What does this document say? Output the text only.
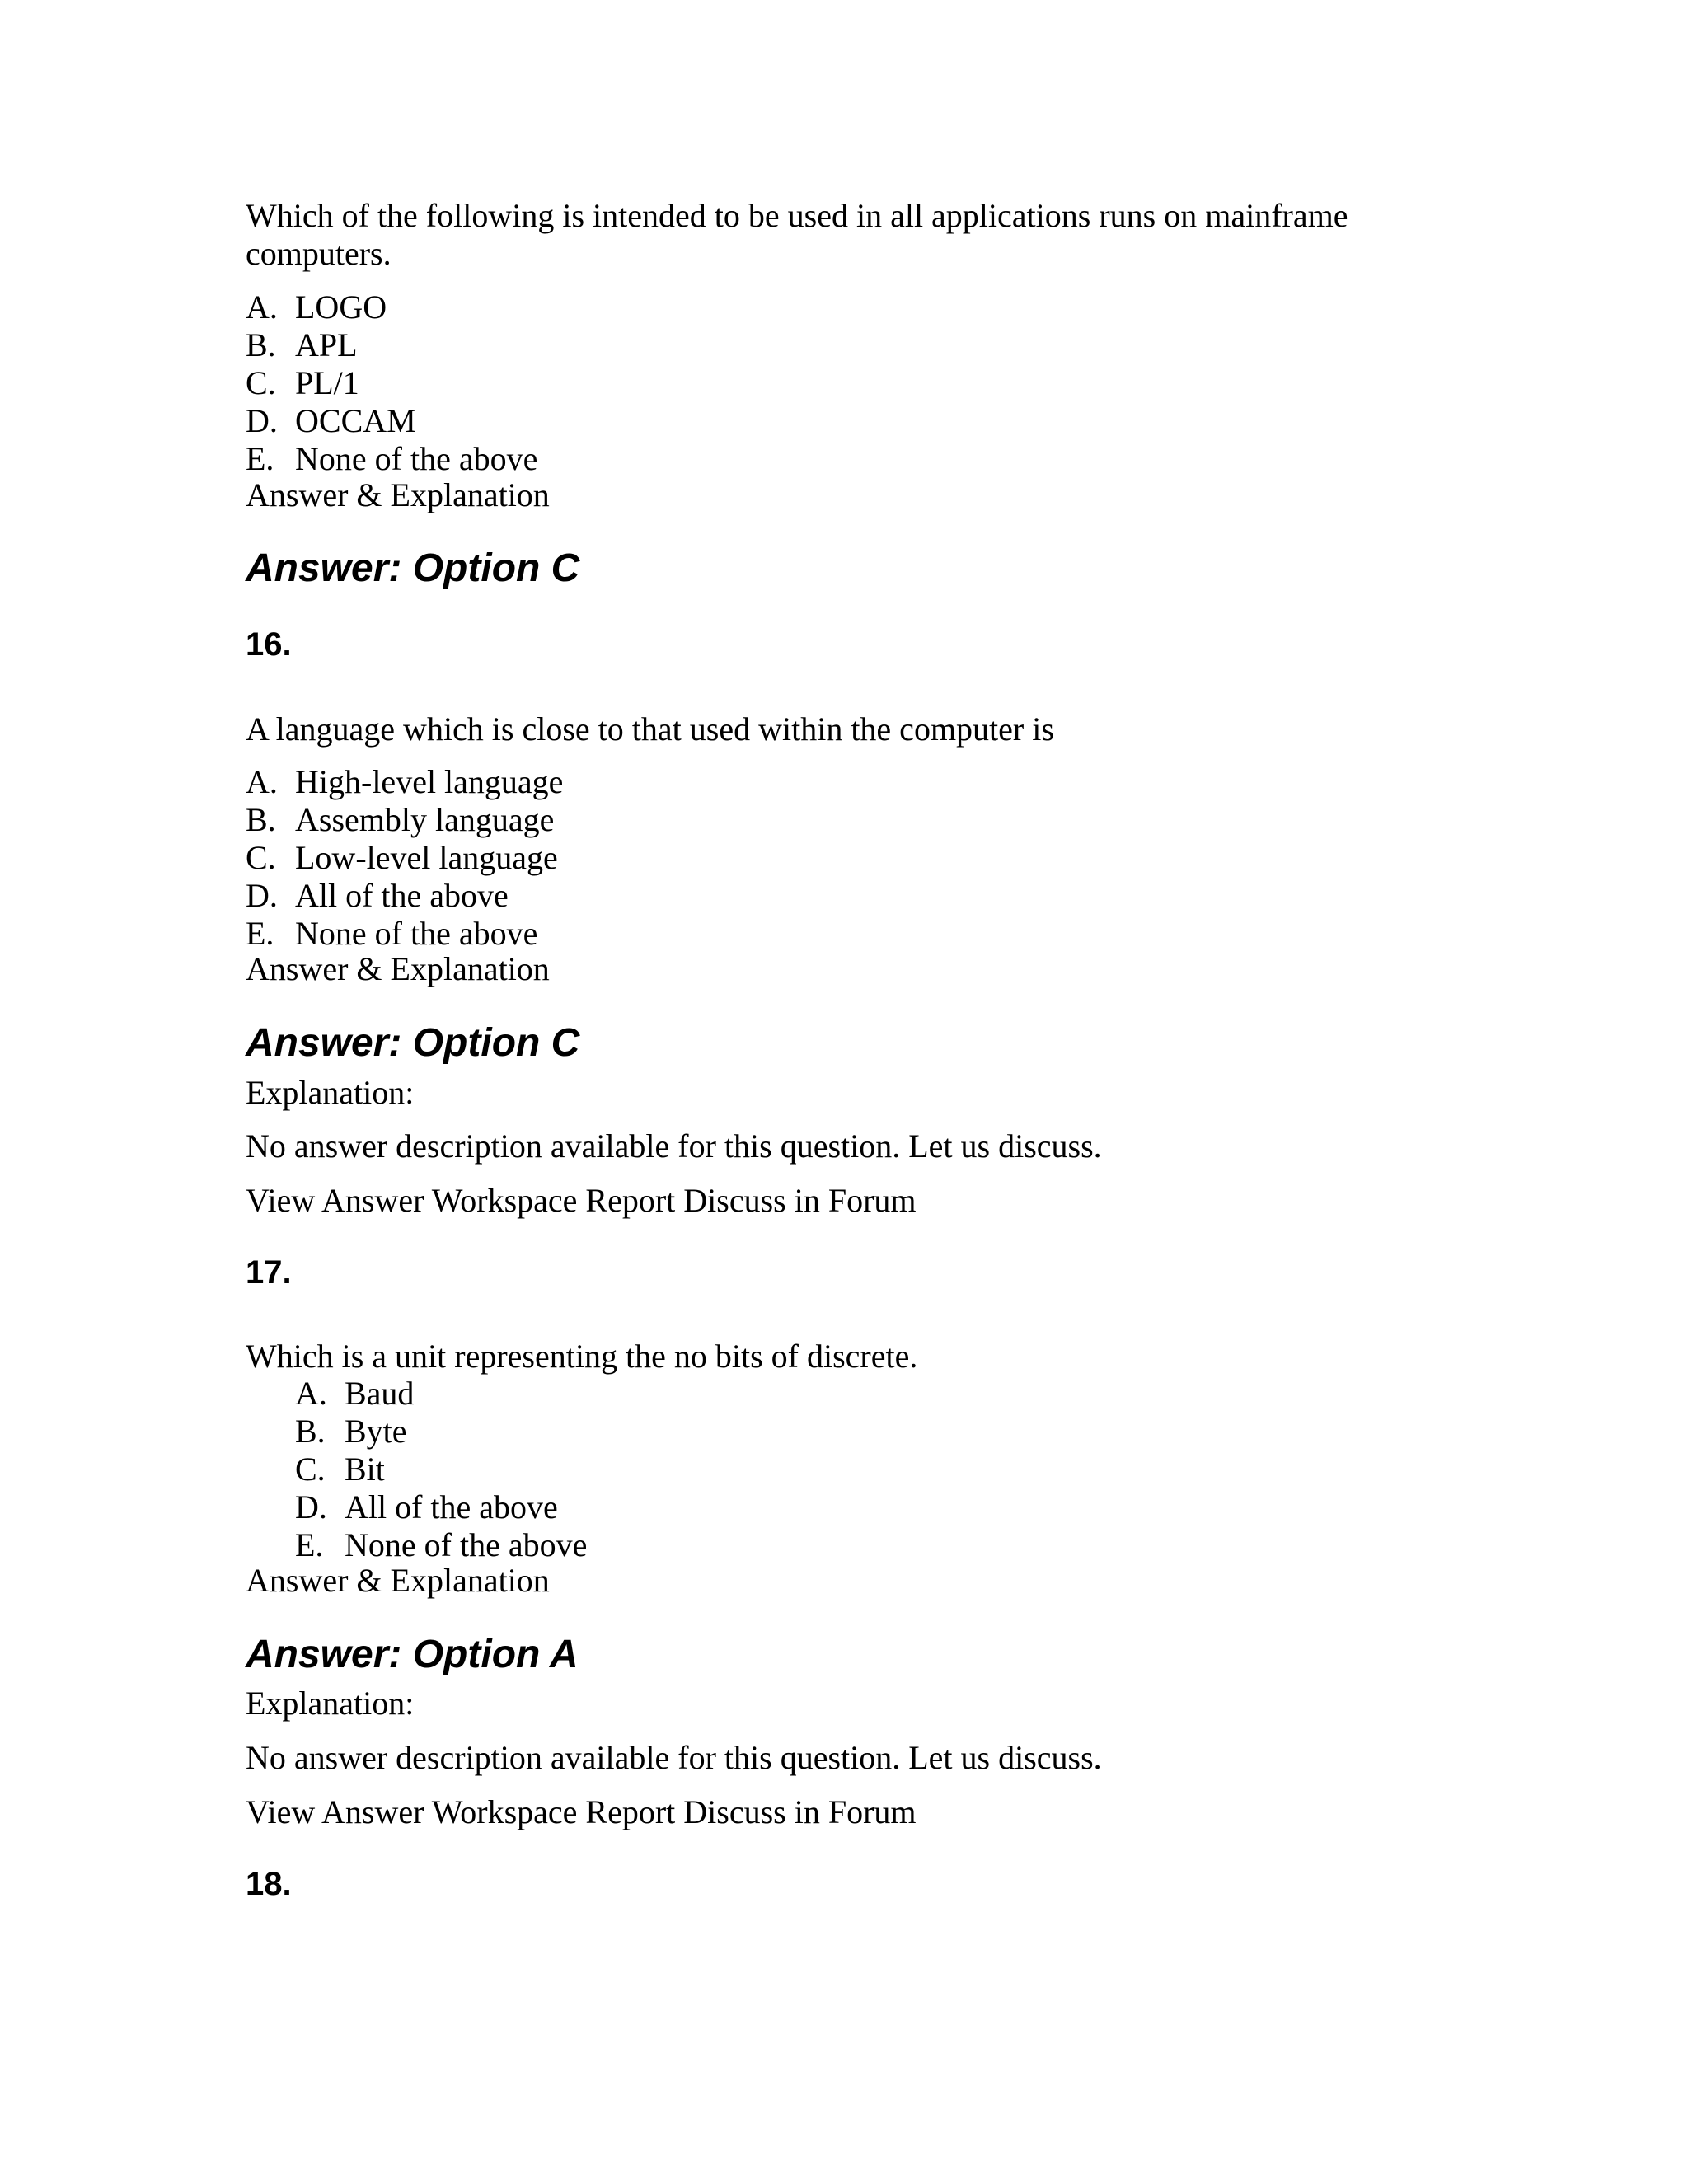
Which of the following is intended to be used in all applications runs on mainframe

computers.

A. LOGO
B. APL
C. PL/1
D. OCCAM
E. None of the above

Answer & Explanation

Answer: Option C

16.

A language which is close to that used within the computer is

A. High-level language
B. Assembly language
C. Low-level language
D. All of the above
E. None of the above

Answer & Explanation

Answer: Option C

Explanation:

No answer description available for this question. Let us discuss.

View Answer Workspace Report Discuss in Forum

17.

Which is a unit representing the no bits of discrete.

A. Baud
B. Byte
C. Bit
D. All of the above
E. None of the above

Answer & Explanation

Answer: Option A

Explanation:

No answer description available for this question. Let us discuss.

View Answer Workspace Report Discuss in Forum

18.
